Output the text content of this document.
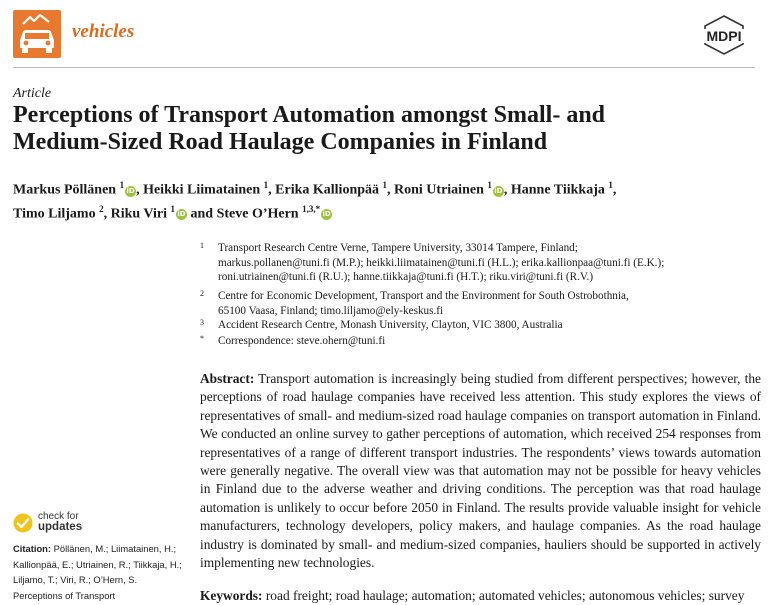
vehicles	MDPI
Article
Perceptions of Transport Automation amongst Small- and
Medium-Sized Road Haulage Companies in Finland
Markus Pöllänen $^1$iD, Heikki Liimatainen $^1$, Erika Kallionpää $^1$, Roni Utriainen $^1$iD, Hanne Tiikkaja $^1$,
Timo Liljamo $^2$, Riku Viri $^1$iD and Steve O’Hern $^{1,3,*}$iD
1 Transport Research Centre Verne, Tampere University, 33014 Tampere, Finland;
markus.pollanen@tuni.fi (M.P.); heikki.liimatainen@tuni.fi (H.L.); erika.kallionpaa@tuni.fi (E.K.);
roni.utriainen@tuni.fi (R.U.); hanne.tiikkaja@tuni.fi (H.T.); riku.viri@tuni.fi (R.V.)
2 Centre for Economic Development, Transport and the Environment for South Ostrobothnia,
65100 Vaasa, Finland; timo.liljamo@ely-keskus.fi
3 Accident Research Centre, Monash University, Clayton, VIC 3800, Australia
* Correspondence: steve.ohern@tuni.fi
Abstract: Transport automation is increasingly being studied from different perspectives; however, the perceptions of road haulage companies have received less attention. This study explores the views of representatives of small- and medium-sized road haulage companies on transport automation in Finland. We conducted an online survey to gather perceptions of automation, which received 254 responses from representatives of a range of different transport industries. The respondents’ views towards automation were generally negative. The overall view was that automation may not be possible for heavy vehicles in Finland due to the adverse weather and driving conditions. The perception was that road haulage automation is unlikely to occur before 2050 in Finland. The results provide valuable insight for vehicle manufacturers, technology developers, policy makers, and haulage companies. As the road haulage industry is dominated by small- and medium-sized companies, hauliers should be supported in actively implementing new technologies.
Keywords: road freight; road haulage; automation; automated vehicles; autonomous vehicles; survey
check for
updates
Citation: Pöllänen, M.; Liimatainen, H.; Kallionpää, E.; Utriainen, R.; Tiikkaja, H.; Liljamo, T.; Viri, R.; O’Hern, S. Perceptions of Transport
